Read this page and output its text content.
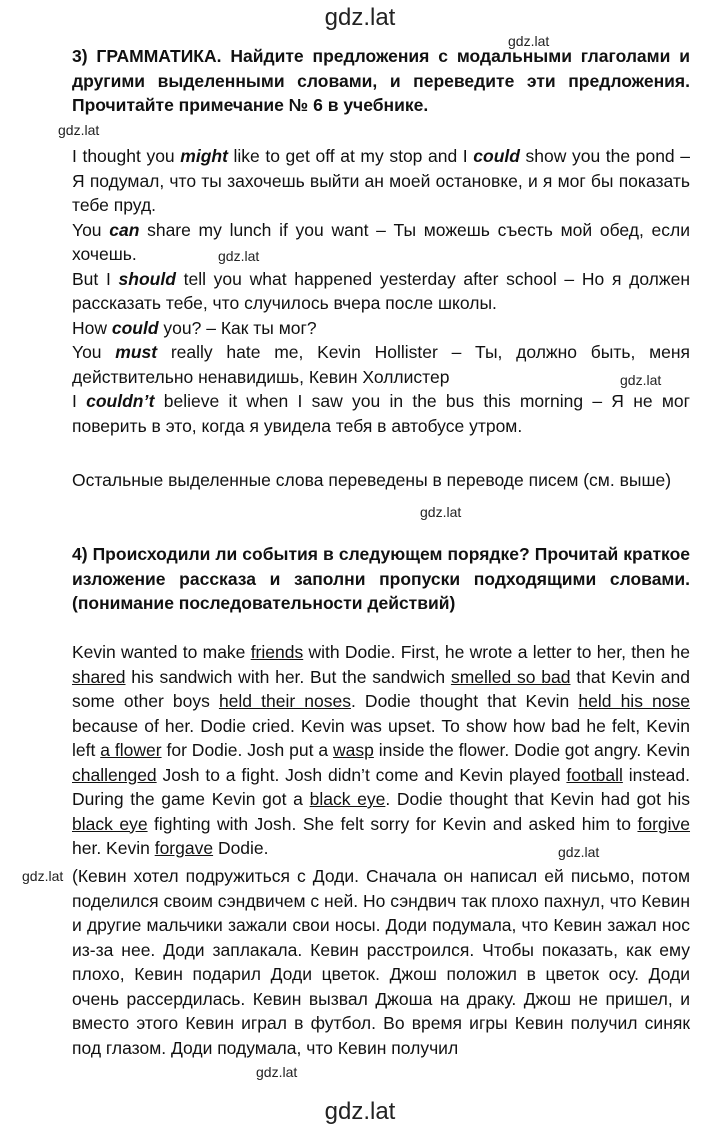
gdz.lat
gdz.lat
gdz.lat
gdz.lat
gdz.lat
gdz.lat
gdz.lat
gdz.lat
gdz.lat
3) ГРАММАТИКА. Найдите предложения с модальными глаголами и другими выделенными словами, и переведите эти предложения. Прочитайте примечание № 6 в учебнике.

I thought you might like to get off at my stop and I could show you the pond – Я подумал, что ты захочешь выйти ан моей остановке, и я мог бы показать тебе пруд.

You can share my lunch if you want – Ты можешь съесть мой обед, если хочешь.

But I should tell you what happened yesterday after school – Но я должен рассказать тебе, что случилось вчера после школы.

How could you? – Как ты мог?

You must really hate me, Kevin Hollister – Ты, должно быть, меня действительно ненавидишь, Кевин Холлистер

I couldn’t believe it when I saw you in the bus this morning – Я не мог поверить в это, когда я увидела тебя в автобусе утром.

Остальные выделенные слова переведены в переводе писем (см. выше)
4) Происходили ли события в следующем порядке? Прочитай краткое изложение рассказа и заполни пропуски подходящими словами. (понимание последовательности действий)
Kevin wanted to make friends with Dodie. First, he wrote a letter to her, then he shared his sandwich with her. But the sandwich smelled so bad that Kevin and some other boys held their noses. Dodie thought that Kevin held his nose because of her. Dodie cried. Kevin was upset. To show how bad he felt, Kevin left a flower for Dodie. Josh put a wasp inside the flower. Dodie got angry. Kevin challenged Josh to a fight. Josh didn’t come and Kevin played football instead. During the game Kevin got a black eye. Dodie thought that Kevin had got his black eye fighting with Josh. She felt sorry for Kevin and asked him to forgive her. Kevin forgave Dodie.
(Кевин хотел подружиться с Доди. Сначала он написал ей письмо, потом поделился своим сэндвичем с ней. Но сэндвич так плохо пахнул, что Кевин и другие мальчики зажали свои носы. Доди подумала, что Кевин зажал нос из-за нее. Доди заплакала. Кевин расстроился. Чтобы показать, как ему плохо, Кевин подарил Доди цветок. Джош положил в цветок осу. Доди очень рассердилась. Кевин вызвал Джоша на драку. Джош не пришел, и вместо этого Кевин играл в футбол. Во время игры Кевин получил синяк под глазом. Доди подумала, что Кевин получил
gdz.lat
